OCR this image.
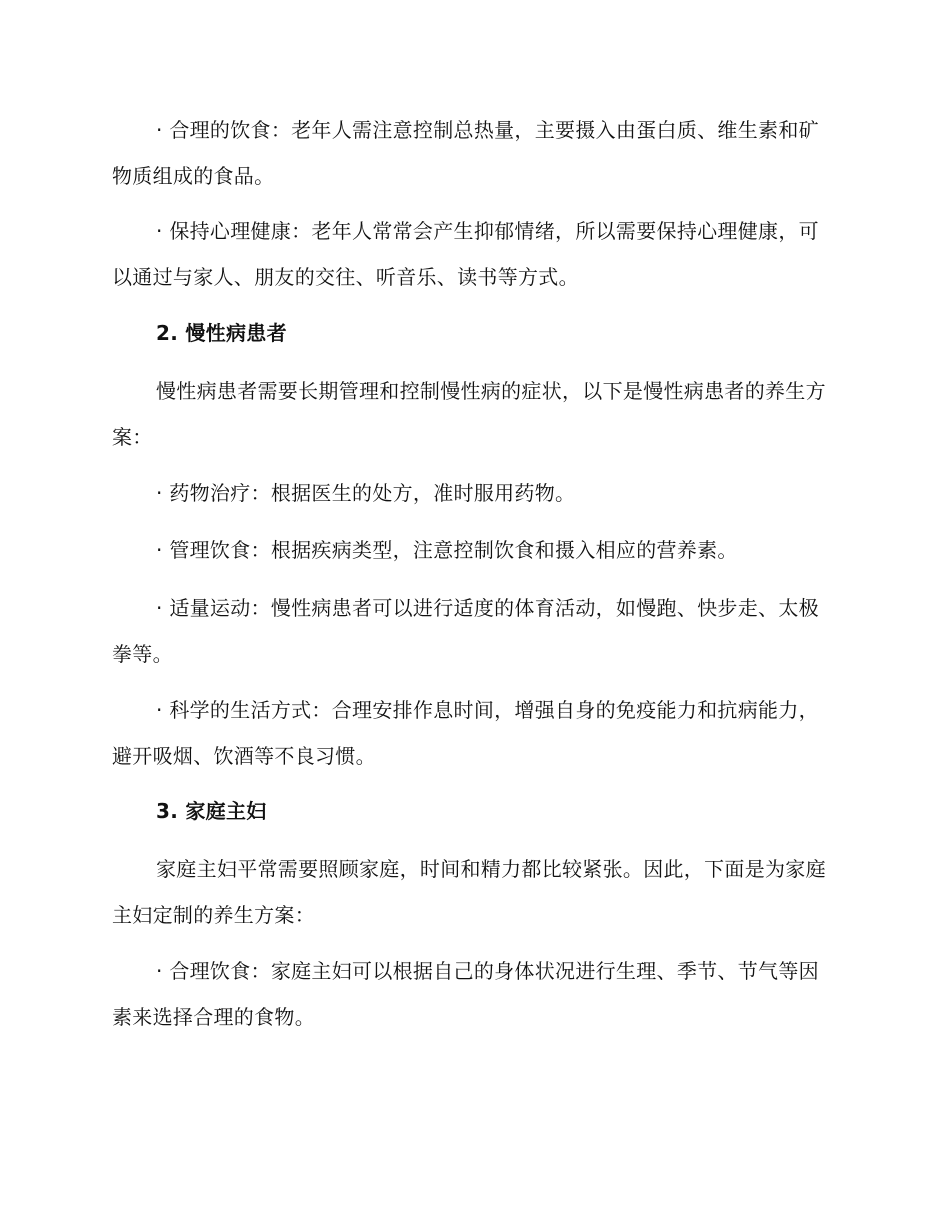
· 合理的饮食：老年人需注意控制总热量，主要摄入由蛋白质、维生素和矿物质组成的食品。

· 保持心理健康：老年人常常会产生抑郁情绪，所以需要保持心理健康，可以通过与家人、朋友的交往、听音乐、读书等方式。

2. 慢性病患者

慢性病患者需要长期管理和控制慢性病的症状，以下是慢性病患者的养生方案：

· 药物治疗：根据医生的处方，准时服用药物。

· 管理饮食：根据疾病类型，注意控制饮食和摄入相应的营养素。

· 适量运动：慢性病患者可以进行适度的体育活动，如慢跑、快步走、太极拳等。

· 科学的生活方式：合理安排作息时间，增强自身的免疫能力和抗病能力，避开吸烟、饮酒等不良习惯。

3. 家庭主妇

家庭主妇平常需要照顾家庭，时间和精力都比较紧张。因此，下面是为家庭主妇定制的养生方案：

· 合理饮食：家庭主妇可以根据自己的身体状况进行生理、季节、节气等因素来选择合理的食物。
